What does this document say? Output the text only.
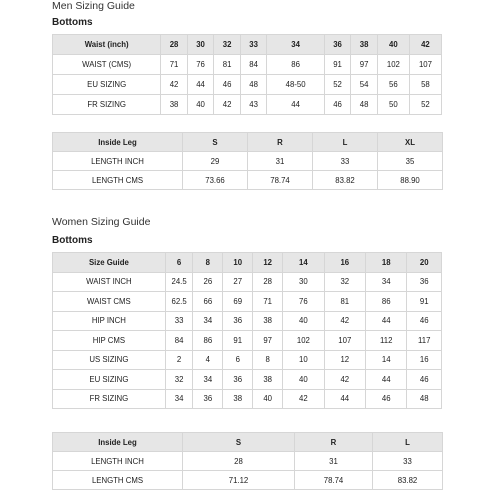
Men Sizing Guide
Bottoms
Waist (inch)	28	30	32	33	34	36	38	40	42
WAIST (CMS)	71	76	81	84	86	91	97	102	107
EU SIZING	42	44	46	48	48-50	52	54	56	58
FR SIZING	38	40	42	43	44	46	48	50	52
Inside Leg	S	R	L	XL
LENGTH INCH	29	31	33	35
LENGTH CMS	73.66	78.74	83.82	88.90
Women Sizing Guide
Bottoms
Size Guide	6	8	10	12	14	16	18	20
WAIST INCH	24.5	26	27	28	30	32	34	36
WAIST CMS	62.5	66	69	71	76	81	86	91
HIP INCH	33	34	36	38	40	42	44	46
HIP CMS	84	86	91	97	102	107	112	117
US SIZING	2	4	6	8	10	12	14	16
EU SIZING	32	34	36	38	40	42	44	46
FR SIZING	34	36	38	40	42	44	46	48
Inside Leg	S	R	L
LENGTH INCH	28	31	33
LENGTH CMS	71.12	78.74	83.82
